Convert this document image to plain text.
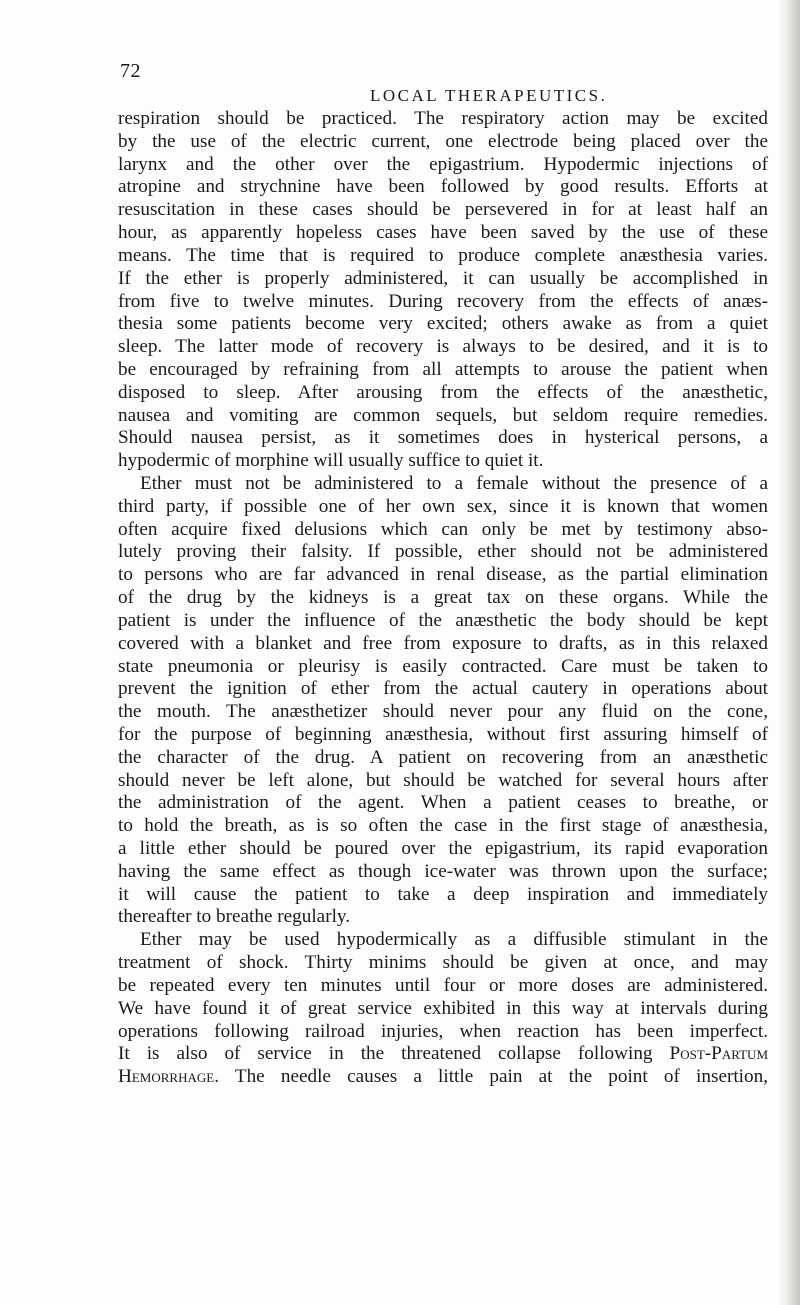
72
LOCAL THERAPEUTICS.
respiration should be practiced. The respiratory action may be excited
by the use of the electric current, one electrode being placed over the
larynx and the other over the epigastrium. Hypodermic injections of
atropine and strychnine have been followed by good results. Efforts at
resuscitation in these cases should be persevered in for at least half an
hour, as apparently hopeless cases have been saved by the use of these
means. The time that is required to produce complete anæsthesia varies.
If the ether is properly administered, it can usually be accomplished in
from five to twelve minutes. During recovery from the effects of anæs-
thesia some patients become very excited; others awake as from a quiet
sleep. The latter mode of recovery is always to be desired, and it is to
be encouraged by refraining from all attempts to arouse the patient when
disposed to sleep. After arousing from the effects of the anæsthetic,
nausea and vomiting are common sequels, but seldom require remedies.
Should nausea persist, as it sometimes does in hysterical persons, a
hypodermic of morphine will usually suffice to quiet it.
Ether must not be administered to a female without the presence of a
third party, if possible one of her own sex, since it is known that women
often acquire fixed delusions which can only be met by testimony abso-
lutely proving their falsity. If possible, ether should not be administered
to persons who are far advanced in renal disease, as the partial elimination
of the drug by the kidneys is a great tax on these organs. While the
patient is under the influence of the anæsthetic the body should be kept
covered with a blanket and free from exposure to drafts, as in this relaxed
state pneumonia or pleurisy is easily contracted. Care must be taken to
prevent the ignition of ether from the actual cautery in operations about
the mouth. The anæsthetizer should never pour any fluid on the cone,
for the purpose of beginning anæsthesia, without first assuring himself of
the character of the drug. A patient on recovering from an anæsthetic
should never be left alone, but should be watched for several hours after
the administration of the agent. When a patient ceases to breathe, or
to hold the breath, as is so often the case in the first stage of anæsthesia,
a little ether should be poured over the epigastrium, its rapid evaporation
having the same effect as though ice-water was thrown upon the surface;
it will cause the patient to take a deep inspiration and immediately
thereafter to breathe regularly.
Ether may be used hypodermically as a diffusible stimulant in the
treatment of shock. Thirty minims should be given at once, and may
be repeated every ten minutes until four or more doses are administered.
We have found it of great service exhibited in this way at intervals during
operations following railroad injuries, when reaction has been imperfect.
It is also of service in the threatened collapse following Post-Partum
Hemorrhage. The needle causes a little pain at the point of insertion,
